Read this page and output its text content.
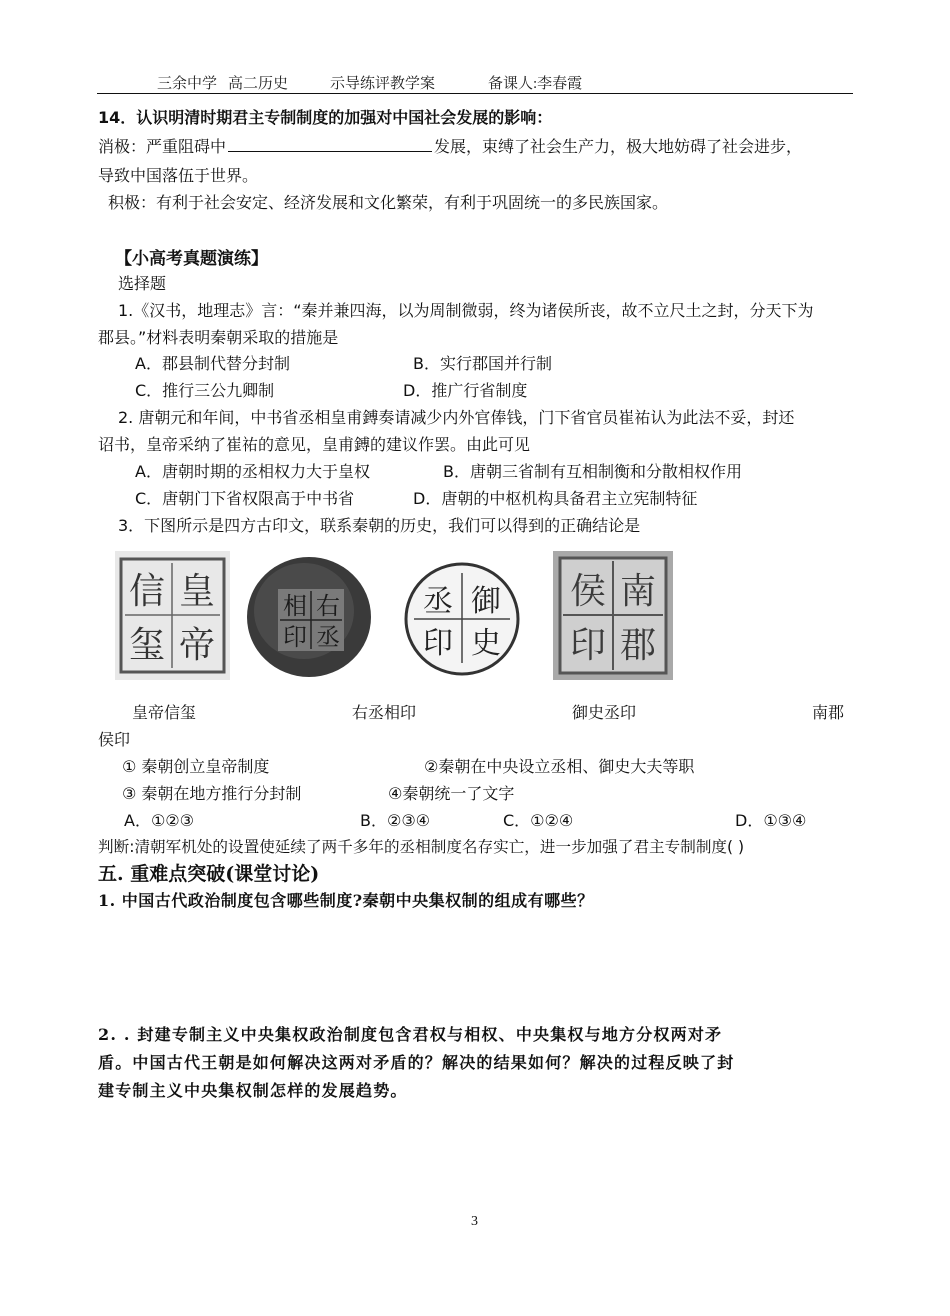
三余中学 高二历史	示导练评教学案	备课人:李春霞
14．认识明清时期君主专制制度的加强对中国社会发展的影响：
消极：严重阻碍中	发展，束缚了社会生产力，极大地妨碍了社会进步，
导致中国落伍于世界。
积极：有利于社会安定、经济发展和文化繁荣，有利于巩固统一的多民族国家。
【小高考真题演练】
选择题
1.《汉书，地理志》言：“秦并兼四海，以为周制微弱，终为诸侯所丧，故不立尺土之封，分天下为
郡县。”材料表明秦朝采取的措施是
A．郡县制代替分封制	B．实行郡国并行制
C．推行三公九卿制	D．推广行省制度
2. 唐朝元和年间，中书省丞相皇甫鎛奏请减少内外官俸钱，门下省官员崔祐认为此法不妥，封还
诏书，皇帝采纳了崔祐的意见，皇甫鎛的建议作罢。由此可见
A．唐朝时期的丞相权力大于皇权	B．唐朝三省制有互相制衡和分散相权作用
C．唐朝门下省权限高于中书省	D．唐朝的中枢机构具备君主立宪制特征
3．下图所示是四方古印文，联系秦朝的历史，我们可以得到的正确结论是
皇
帝
信
玺
右
丞
相
印
御
史
丞
印
南
郡
侯
印
皇帝信玺	右丞相印	御史丞印	南郡
侯印
① 秦朝创立皇帝制度	②秦朝在中央设立丞相、御史大夫等职
③ 秦朝在地方推行分封制	④秦朝统一了文字
A．①②③	B．②③④	C．①②④	D．①③④
判断:清朝军机处的设置使延续了两千多年的丞相制度名存实亡，进一步加强了君主专制制度( )
五. 重难点突破(课堂讨论)
1. 中国古代政治制度包含哪些制度?秦朝中央集权制的组成有哪些？
2. . 封建专制主义中央集权政治制度包含君权与相权、中央集权与地方分权两对矛
盾。中国古代王朝是如何解决这两对矛盾的？解决的结果如何？解决的过程反映了封
建专制主义中央集权制怎样的发展趋势。
3
